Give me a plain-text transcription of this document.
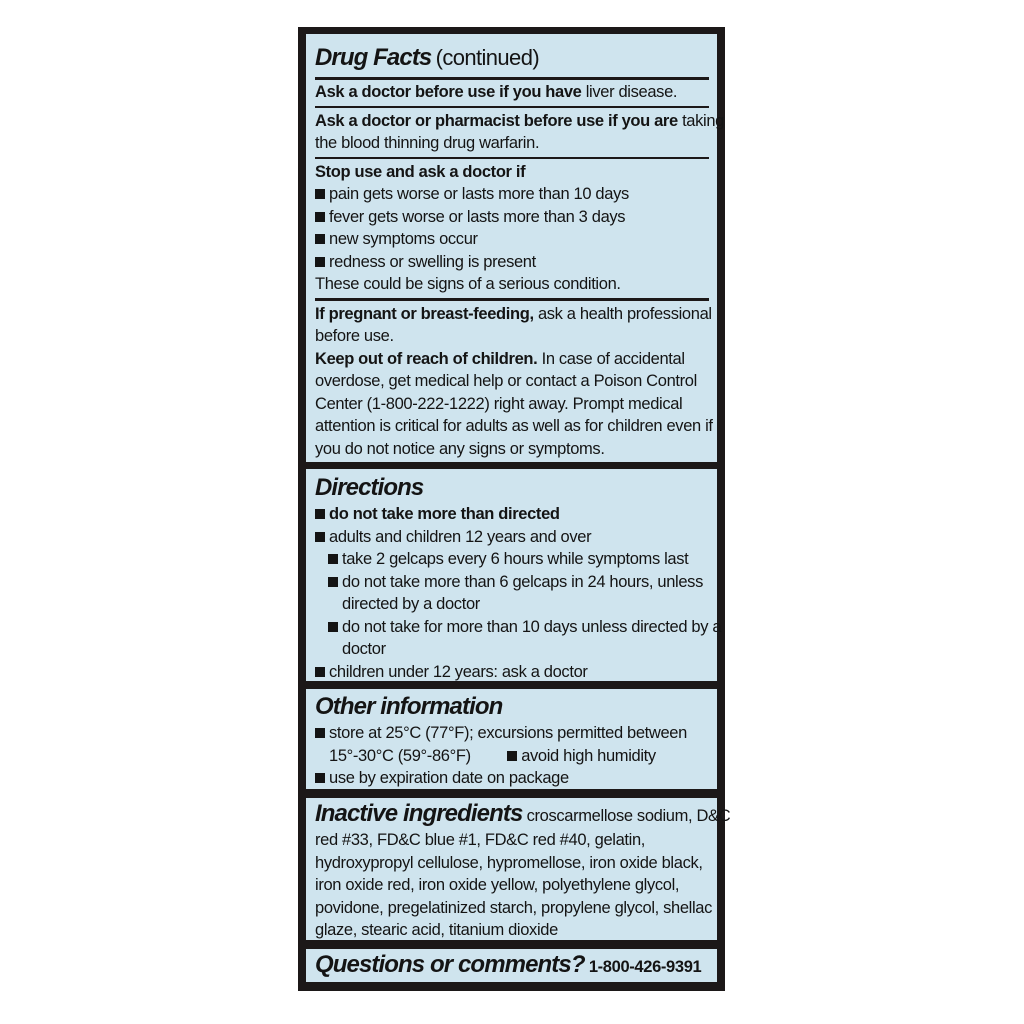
Drug Facts (continued)
Ask a doctor before use if you have liver disease.
Ask a doctor or pharmacist before use if you are taking
the blood thinning drug warfarin.
Stop use and ask a doctor if
pain gets worse or lasts more than 10 days
fever gets worse or lasts more than 3 days
new symptoms occur
redness or swelling is present
These could be signs of a serious condition.
If pregnant or breast-feeding, ask a health professional
before use.
Keep out of reach of children. In case of accidental
overdose, get medical help or contact a Poison Control
Center (1-800-222-1222) right away. Prompt medical
attention is critical for adults as well as for children even if
you do not notice any signs or symptoms.
Directions
do not take more than directed
adults and children 12 years and over
take 2 gelcaps every 6 hours while symptoms last
do not take more than 6 gelcaps in 24 hours, unless
directed by a doctor
do not take for more than 10 days unless directed by a
doctor
children under 12 years: ask a doctor
Other information
store at 25°C (77°F); excursions permitted between
15°-30°C (59°-86°F)	avoid high humidity
use by expiration date on package
Inactive ingredients croscarmellose sodium, D&C
red #33, FD&C blue #1, FD&C red #40, gelatin,
hydroxypropyl cellulose, hypromellose, iron oxide black,
iron oxide red, iron oxide yellow, polyethylene glycol,
povidone, pregelatinized starch, propylene glycol, shellac
glaze, stearic acid, titanium dioxide
Questions or comments? 1-800-426-9391
